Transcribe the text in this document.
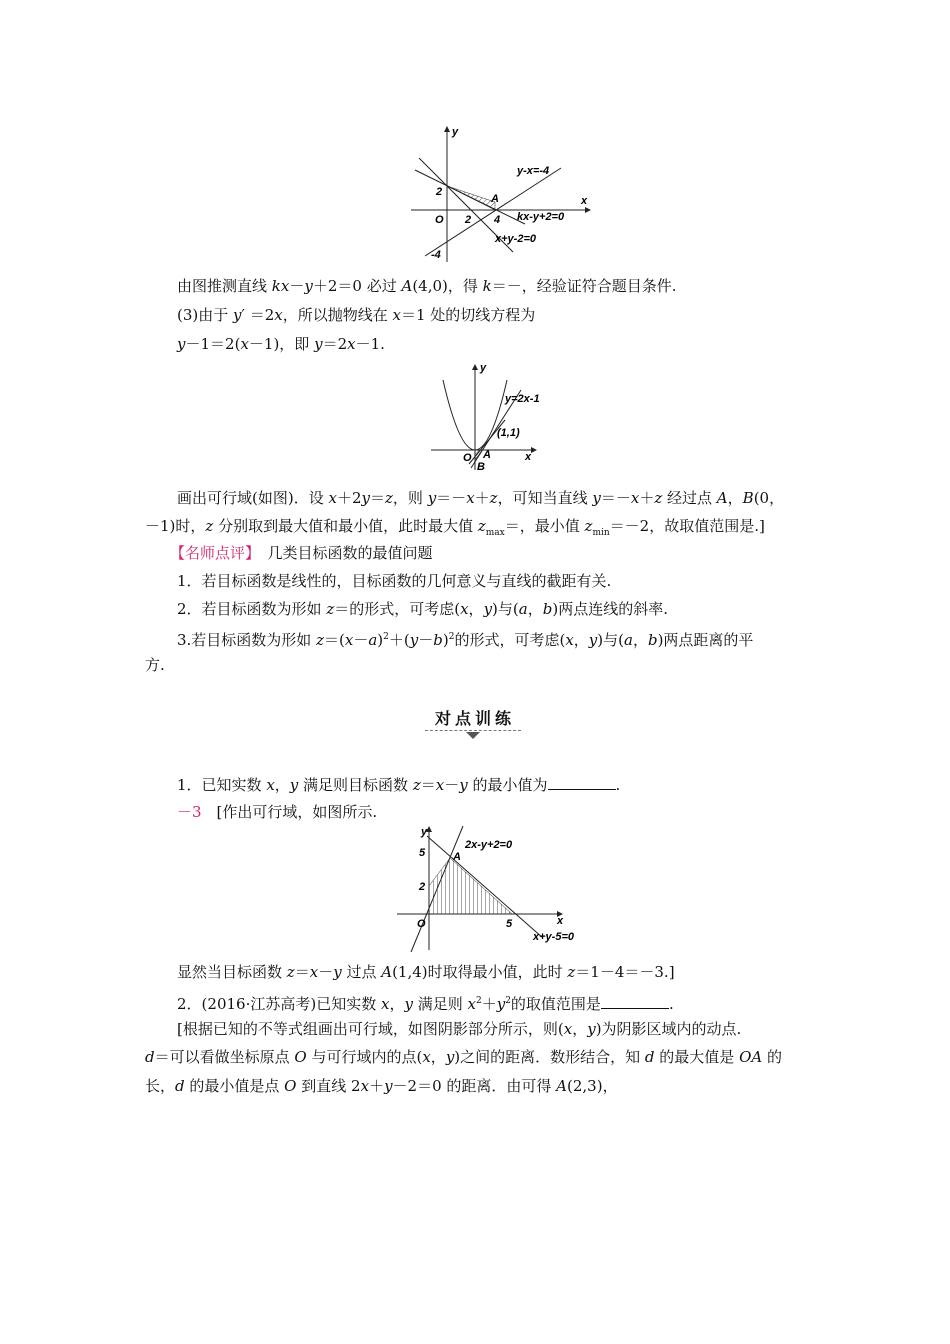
y
x
y-x=-4
kx-y+2=0
x+y-2=0
2
-4
2 4
O
A
由图推测直线 kx－y＋2＝0 必过 A(4,0)，得 k＝－，经验证符合题目条件.
(3)由于 y′ ＝2x，所以抛物线在 x＝1 处的切线方程为
y－1＝2(x－1)，即 y＝2x－1.
y
x
y=2x-1
(1,1)
O A
B
画出可行域(如图)．设 x＋2y＝z，则 y＝－x＋z，可知当直线 y＝－x＋z 经过点 A，B(0，
－1)时，z 分别取到最大值和最小值，此时最大值 $z_{max}=$，最小值 $z_{min}=-2$，故取值范围是.]
【名师点评】　几类目标函数的最值问题
1．若目标函数是线性的，目标函数的几何意义与直线的截距有关.
2．若目标函数为形如 z＝的形式，可考虑(x，y)与(a，b)两点连线的斜率.
3.若目标函数为形如 $z=(x-a)^2+(y-b)^2$的形式，可考虑(x，y)与(a，b)两点距离的平
方.
对点训练
1．已知实数 x，y 满足则目标函数 z＝x－y 的最小值为	.
－3　[作出可行域，如图所示.
y
x
2x-y+2=0
x+y-5=0
5
2
5
O
A
显然当目标函数 z＝x－y 过点 A(1,4)时取得最小值，此时 z＝1－4＝－3.]
2．(2016·江苏高考)已知实数 x，y 满足则 $x^2+y^2$的取值范围是	.
[根据已知的不等式组画出可行域，如图阴影部分所示，则(x，y)为阴影区域内的动点.
d＝可以看做坐标原点 O 与可行域内的点(x，y)之间的距离．数形结合，知 d 的最大值是 OA 的
长，d 的最小值是点 O 到直线 2x＋y－2＝0 的距离．由可得 A(2,3)，
